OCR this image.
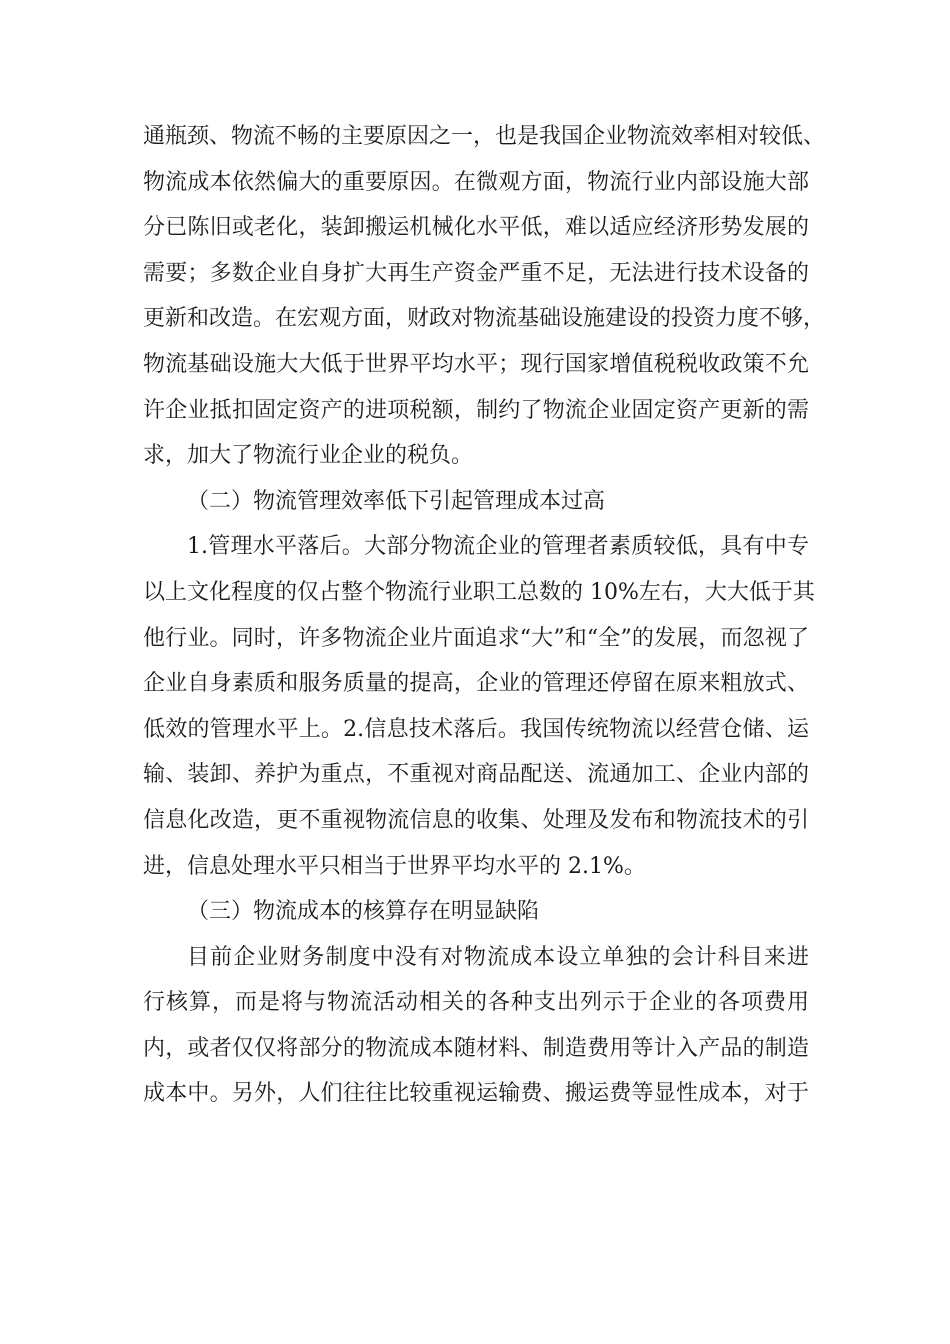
通瓶颈、物流不畅的主要原因之一，也是我国企业物流效率相对较低、
物流成本依然偏大的重要原因。在微观方面，物流行业内部设施大部
分已陈旧或老化，装卸搬运机械化水平低，难以适应经济形势发展的
需要；多数企业自身扩大再生产资金严重不足，无法进行技术设备的
更新和改造。在宏观方面，财政对物流基础设施建设的投资力度不够，
物流基础设施大大低于世界平均水平；现行国家增值税税收政策不允
许企业抵扣固定资产的进项税额，制约了物流企业固定资产更新的需
求，加大了物流行业企业的税负。
（二）物流管理效率低下引起管理成本过高
1.管理水平落后。大部分物流企业的管理者素质较低，具有中专
以上文化程度的仅占整个物流行业职工总数的 10%左右，大大低于其
他行业。同时，许多物流企业片面追求“大”和“全”的发展，而忽视了
企业自身素质和服务质量的提高，企业的管理还停留在原来粗放式、
低效的管理水平上。2.信息技术落后。我国传统物流以经营仓储、运
输、装卸、养护为重点，不重视对商品配送、流通加工、企业内部的
信息化改造，更不重视物流信息的收集、处理及发布和物流技术的引
进，信息处理水平只相当于世界平均水平的 2.1%。
（三）物流成本的核算存在明显缺陷
目前企业财务制度中没有对物流成本设立单独的会计科目来进
行核算，而是将与物流活动相关的各种支出列示于企业的各项费用
内，或者仅仅将部分的物流成本随材料、制造费用等计入产品的制造
成本中。另外，人们往往比较重视运输费、搬运费等显性成本，对于
